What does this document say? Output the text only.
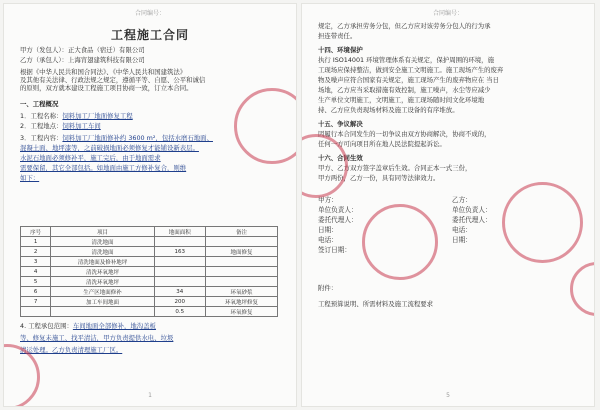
合同编号：
工程施工合同
甲方（发包人）：正大食品（宿迁）有限公司
乙方（承包人）：上海宵翅建筑科技有限公司
根据《中华人民共和国合同法》、《中华人民共和国建筑法》
及其他有关法律、行政法规之规定，遵循平等、自愿、公平和诚信
的原则，双方就本建设工程施工项目协商一致，订立本合同。
一、工程概况
1．工程名称：饲料加工厂地面修复工程
2．工程地点：饲料加工车间
3．工程内容：饲料加工厂地面修补约 3600 m²，包括水磨石地面、
混凝土面、地坪漆等，之前破损地面必须修复才能铺设新表层。
水泥石地面必须修补平，施工完后，由于地面需求
需要保留，其它全部包括。如地面由施工方修补复合，则维
如下：
序号	项目	地面面积	备注
1	清洗地面		
2	清洗地面	163	地面修复
3	清洗地面及修补地坪		
4	清洗环氧地坪		
5	清洗环氧地坪		
6	生产区地面修补	34	环氧砂浆
7	加工车间地面	200	环氧地坪修复
		0.5	环氧修复
4. 工程承包范围：车间地面全部修补，地沟盖板
等、修复未施工、找平清洁，甲方负责提供水电、垃圾
清运处理。乙方负责清理施工厂区。
1
合同编号：
规定，乙方承担劳务分包，但乙方应对该劳务分包人的行为承
担连带责任。
十四、环境保护
执行 ISO14001 环境管理体系有关规定，保护周围的环境，施
工现场应保持整洁，做到安全施工文明施工。施工现场产生的废弃
物及噪声应符合国家有关规定，施工现场产生的废弃物应在 当日
场地，乙方应当采取措施有效控制，施工噪声，水尘等应减少
生产单位文明施工，文明施工，施工现场随时间文化环境地
持、乙方应负责现场材料及施工设备的有序堆放。
十五、争议解决
因履行本合同发生的一切争议由双方协商解决，协商不成的，
任何一方可向项目所在地人民法院提起诉讼。
十六、合同生效
甲方、乙方双方签字盖章后生效。合同正本一式三份，
甲方两份，乙方一份，具有同等法律效力。
甲方：
单位负责人：
委托代理人：
日期：
电话：
签订日期：
乙方：
单位负责人：
委托代理人：
电话：
日期：
附件：
工程预算说明、所需材料及施工流程要求
5
